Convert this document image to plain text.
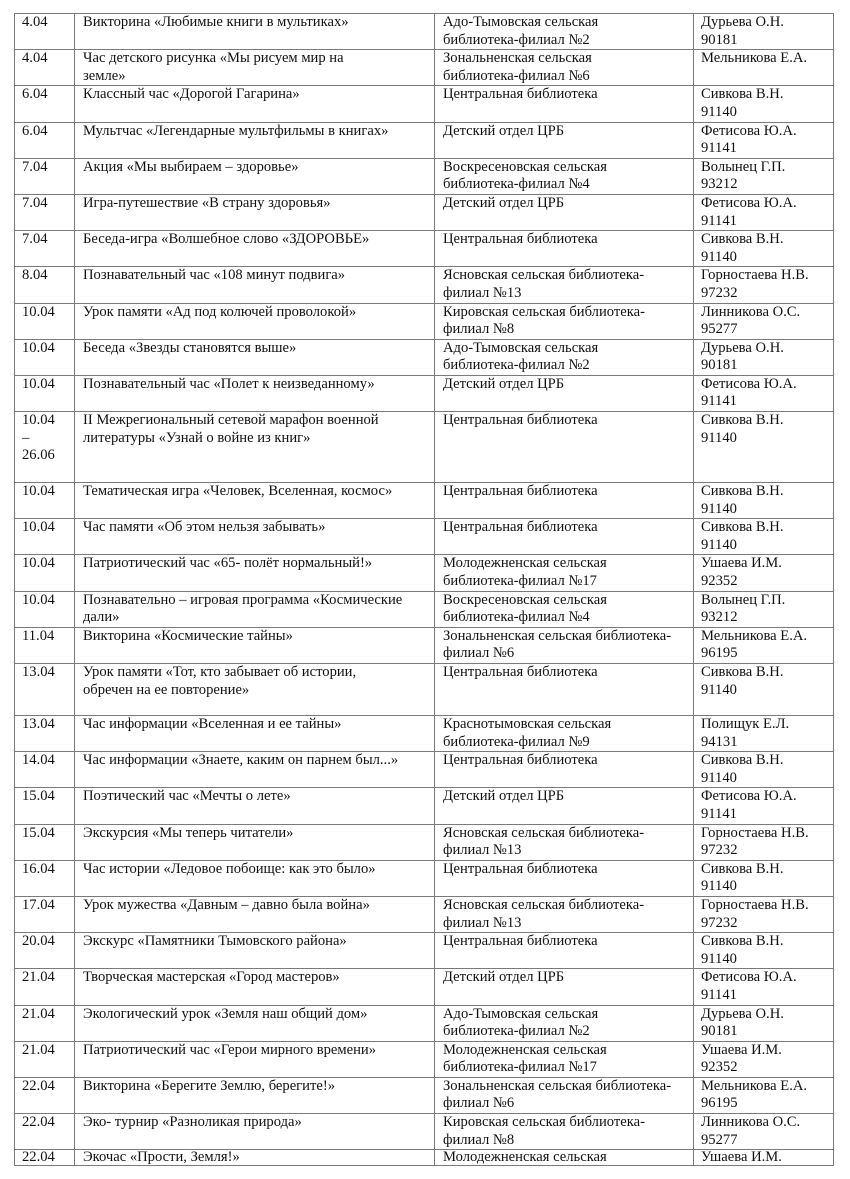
4.04	Викторина «Любимые книги в мультиках»	Адо-Тымовская сельская
библиотека-филиал №2	Дурьева О.Н.
90181

4.04	Час детского рисунка «Мы рисуем мир на
земле»	Зональненская сельская
библиотека-филиал №6	Мельникова Е.А.

6.04	Классный час «Дорогой Гагарина»	Центральная библиотека	Сивкова В.Н.
91140

6.04	Мультчас «Легендарные мультфильмы в книгах»	Детский отдел ЦРБ	Фетисова Ю.А.
91141

7.04	Акция «Мы выбираем – здоровье»	Воскресеновская сельская
библиотека-филиал №4	Волынец Г.П.
93212

7.04	Игра-путешествие «В страну здоровья»	Детский отдел ЦРБ	Фетисова Ю.А.
91141

7.04	Беседа-игра «Волшебное слово «ЗДОРОВЬЕ»	Центральная библиотека	Сивкова В.Н.
91140

8.04	Познавательный час «108 минут подвига»	Ясновская сельская библиотека-
филиал №13	Горностаева Н.В.
97232

10.04	Урок памяти «Ад под колючей проволокой»	Кировская сельская библиотека-
филиал №8	Линникова О.С.
95277

10.04	Беседа «Звезды становятся выше»	Адо-Тымовская сельская
библиотека-филиал №2	Дурьева О.Н.
90181

10.04	Познавательный час «Полет к неизведанному»	Детский отдел ЦРБ	Фетисова Ю.А.
91141

10.04
–
26.06	II Межрегиональный сетевой марафон военной
литературы «Узнай о войне из книг»	Центральная библиотека	Сивкова В.Н.
91140

10.04	Тематическая игра «Человек, Вселенная, космос»	Центральная библиотека	Сивкова В.Н.
91140

10.04	Час памяти «Об этом нельзя забывать»	Центральная библиотека	Сивкова В.Н.
91140

10.04	Патриотический час «65- полёт нормальный!»	Молодежненская сельская
библиотека-филиал №17	Ушаева И.М.
92352

10.04	Познавательно – игровая программа «Космические
дали»	Воскресеновская сельская
библиотека-филиал №4	Волынец Г.П.
93212

11.04	Викторина «Космические тайны»	Зональненская сельская библиотека-
филиал №6	Мельникова Е.А.
96195

13.04	Урок памяти «Тот, кто забывает об истории,
обречен на ее повторение»	Центральная библиотека	Сивкова В.Н.
91140

13.04	Час информации «Вселенная и ее тайны»	Краснотымовская сельская
библиотека-филиал №9	Полищук Е.Л.
94131

14.04	Час информации «Знаете, каким он парнем был...»	Центральная библиотека	Сивкова В.Н.
91140

15.04	Поэтический час «Мечты о лете»	Детский отдел ЦРБ	Фетисова Ю.А.
91141

15.04	Экскурсия «Мы теперь читатели»	Ясновская сельская библиотека-
филиал №13	Горностаева Н.В.
97232

16.04	Час истории «Ледовое побоище: как это было»	Центральная библиотека	Сивкова В.Н.
91140

17.04	Урок мужества «Давным – давно была война»	Ясновская сельская библиотека-
филиал №13	Горностаева Н.В.
97232

20.04	Экскурс «Памятники Тымовского района»	Центральная библиотека	Сивкова В.Н.
91140

21.04	Творческая мастерская «Город мастеров»	Детский отдел ЦРБ	Фетисова Ю.А.
91141

21.04	Экологический урок «Земля наш общий дом»	Адо-Тымовская сельская
библиотека-филиал №2	Дурьева О.Н.
90181

21.04	Патриотический час «Герои мирного времени»	Молодежненская сельская
библиотека-филиал №17	Ушаева И.М.
92352

22.04	Викторина «Берегите Землю, берегите!»	Зональненская сельская библиотека-
филиал №6	Мельникова Е.А.
96195

22.04	Эко- турнир «Разноликая природа»	Кировская сельская библиотека-
филиал №8	Линникова О.С.
95277

22.04	Экочас «Прости, Земля!»	Молодежненская сельская	Ушаева И.М.
